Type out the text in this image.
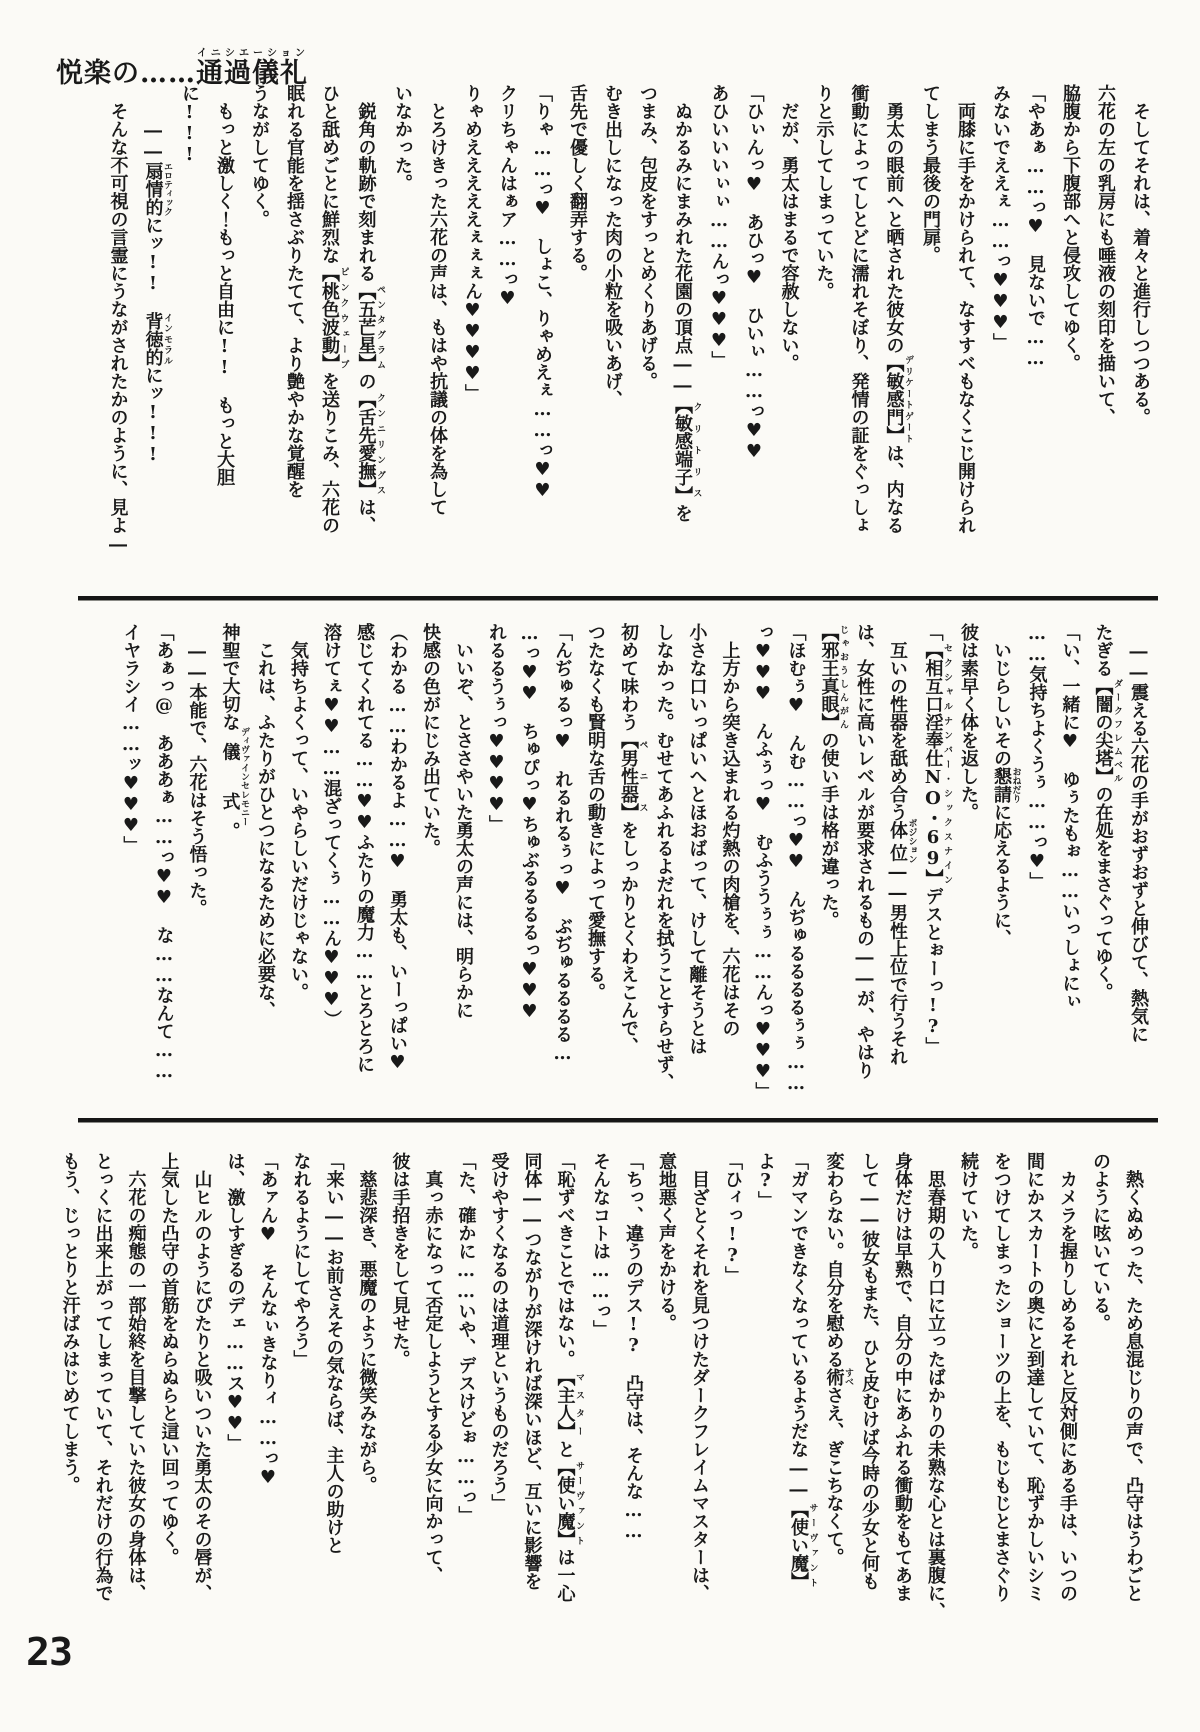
悦楽の……通過儀礼イニシエーション

　そしてそれは、着々と進行しつつある。

六花の左の乳房にも唾液の刻印を描いて、

脇腹から下腹部へと侵攻してゆく。

「やあぁ……っ♥　見ないで……

みないでええぇ……っ♥♥♥」

　両膝に手をかけられて、なすすべもなくこじ開けられ

てしまう最後の門扉。

　勇太の眼前へと晒された彼女の【敏感門】デリケートゲートは、内なる

衝動によってしとどに濡れそぼり、発情の証をぐっしょ

りと示してしまっていた。

　だが、勇太はまるで容赦しない。

「ひぃんっ♥　あひっ♥　ひいぃ……っ♥♥

あひいいいぃぃ……んっ♥♥♥」

　ぬかるみにまみれた花園の頂点――【敏感端子】クリトリスを

つまみ、包皮をすっとめくりあげる。

むき出しになった肉の小粒を吸いあげ、

舌先で優しく翻弄する。

「りゃ……っ♥　しょこ、りゃめえぇ……っ♥♥

クリちゃんはぁア……っ♥

りゃめえええええぇぇぇん♥♥♥♥」

　とろけきった六花の声は、もはや抗議の体を為して

いなかった。

　鋭角の軌跡で刻まれる【五芒星】ペンタグラムの【舌先愛撫】クンニリングスは、

ひと舐めごとに鮮烈な【桃色波動】ピンクウェーブを送りこみ、六花の

眠れる官能を揺さぶりたてて、より艶やかな覚醒を

うながしてゆく。

　もっと激しく！もっと自由に!!　もっと大胆に!!!

　　――扇情的エロティックにッ!!　背徳的インモラルにッ!!!

　そんな不可視の言霊にうながされたかのように、見よ―

　――震える六花の手がおずおずと伸びて、熱気に

たぎる【闇の尖塔】ダークフレムベルの在処をまさぐってゆく。

「い、一緒に♥　ゆぅたもぉ……いっしょにぃ

……気持ちよくうぅ……っ♥」

　いじらしいその懇請おねだりに応えるように、

彼は素早く体を返した。

「【相互口淫奉仕NO・69】セクシャルナンバー・シックスナインデスとぉーっ!?」

　互いの性器を舐め合う体位ポジション――男性上位で行うそれ

は、女性に高いレベルが要求されるもの――が、やはり

【邪王真眼】じゃおうしんがんの使い手は格が違った。

「ほむぅ♥　んむ……っ♥♥　んぢゅるるるるぅぅ……

っ♥♥♥　んふぅっ♥　むふううぅぅ……んっ♥♥♥」

　上方から突き込まれる灼熱の肉槍を、六花はその

小さな口いっぱいへとほおばって、けして離そうとは

しなかった。むせてあふれるよだれを拭うことすらせず、

初めて味わう【男性器】ペニスをしっかりとくわえこんで、

つたなくも賢明な舌の動きによって愛撫する。

「んぢゅるっ♥　れるれるぅっ♥　ぶぢゅるるるる…

…っ♥♥　ちゅぴっ♥ちゅぶるるるるっ♥♥♥

れるるうぅっ♥♥♥♥」

　いいぞ、とささやいた勇太の声には、明らかに

快感の色がにじみ出ていた。

（わかる……わかるよ……♥　勇太も、いーっぱい♥

感じてくれてる……♥♥ふたりの魔力……とろとろに

溶けてぇ♥♥……混ざってくぅ……ん♥♥♥）

　気持ちよくって、いやらしいだけじゃない。

　これは、ふたりがひとつになるために必要な、

神聖で大切な儀式ディヴァインセレモニー。

　――本能で、六花はそう悟った。

「あぁっ@　あああぁ……っ♥♥　な……なんて……

イヤラシイ……ッ♥♥♥」

　熱くぬめった、ため息混じりの声で、凸守はうわごと

のように呟いている。

　カメラを握りしめるそれと反対側にある手は、いつの

間にかスカートの奥にと到達していて、恥ずかしいシミ

をつけてしまったショーツの上を、もじもじとまさぐり

続けていた。

　思春期の入り口に立ったばかりの未熟な心とは裏腹に、

身体だけは早熟で、自分の中にあふれる衝動をもてあま

して――彼女もまた、ひと皮むけば今時の少女と何も

変わらない。自分を慰める術すべさえ、ぎこちなくて。

「ガマンできなくなっているようだな――【使い魔】サーヴァントよ?」

「ひィっ!?」

　目ざとくそれを見つけたダークフレイムマスターは、

意地悪く声をかける。

「ちっ、違うのデス!?　凸守は、そんな……

そんなコトは……っ」

「恥ずべきことではない。【主人】マスターと【使い魔】サーヴァントは一心

同体――つながりが深ければ深いほど、互いに影響を

受けやすくなるのは道理というものだろう」

「た、確かに……いや、デスけどぉ……っ」

　真っ赤になって否定しようとする少女に向かって、

彼は手招きをして見せた。

　慈悲深き、悪魔のように微笑みながら。

「来い――お前さえその気ならば、主人の助けと

なれるようにしてやろう」

「あァん♥　そんなぃきなりィ……っ♥

は、激しすぎるのデェ……ス♥♥」

　山ヒルのようにぴたりと吸いついた勇太のその唇が、

上気した凸守の首筋をぬらぬらと這い回ってゆく。

　六花の痴態の一部始終を目撃していた彼女の身体は、

とっくに出来上がってしまっていて、それだけの行為で

もう、じっとりと汗ばみはじめてしまう。

23
